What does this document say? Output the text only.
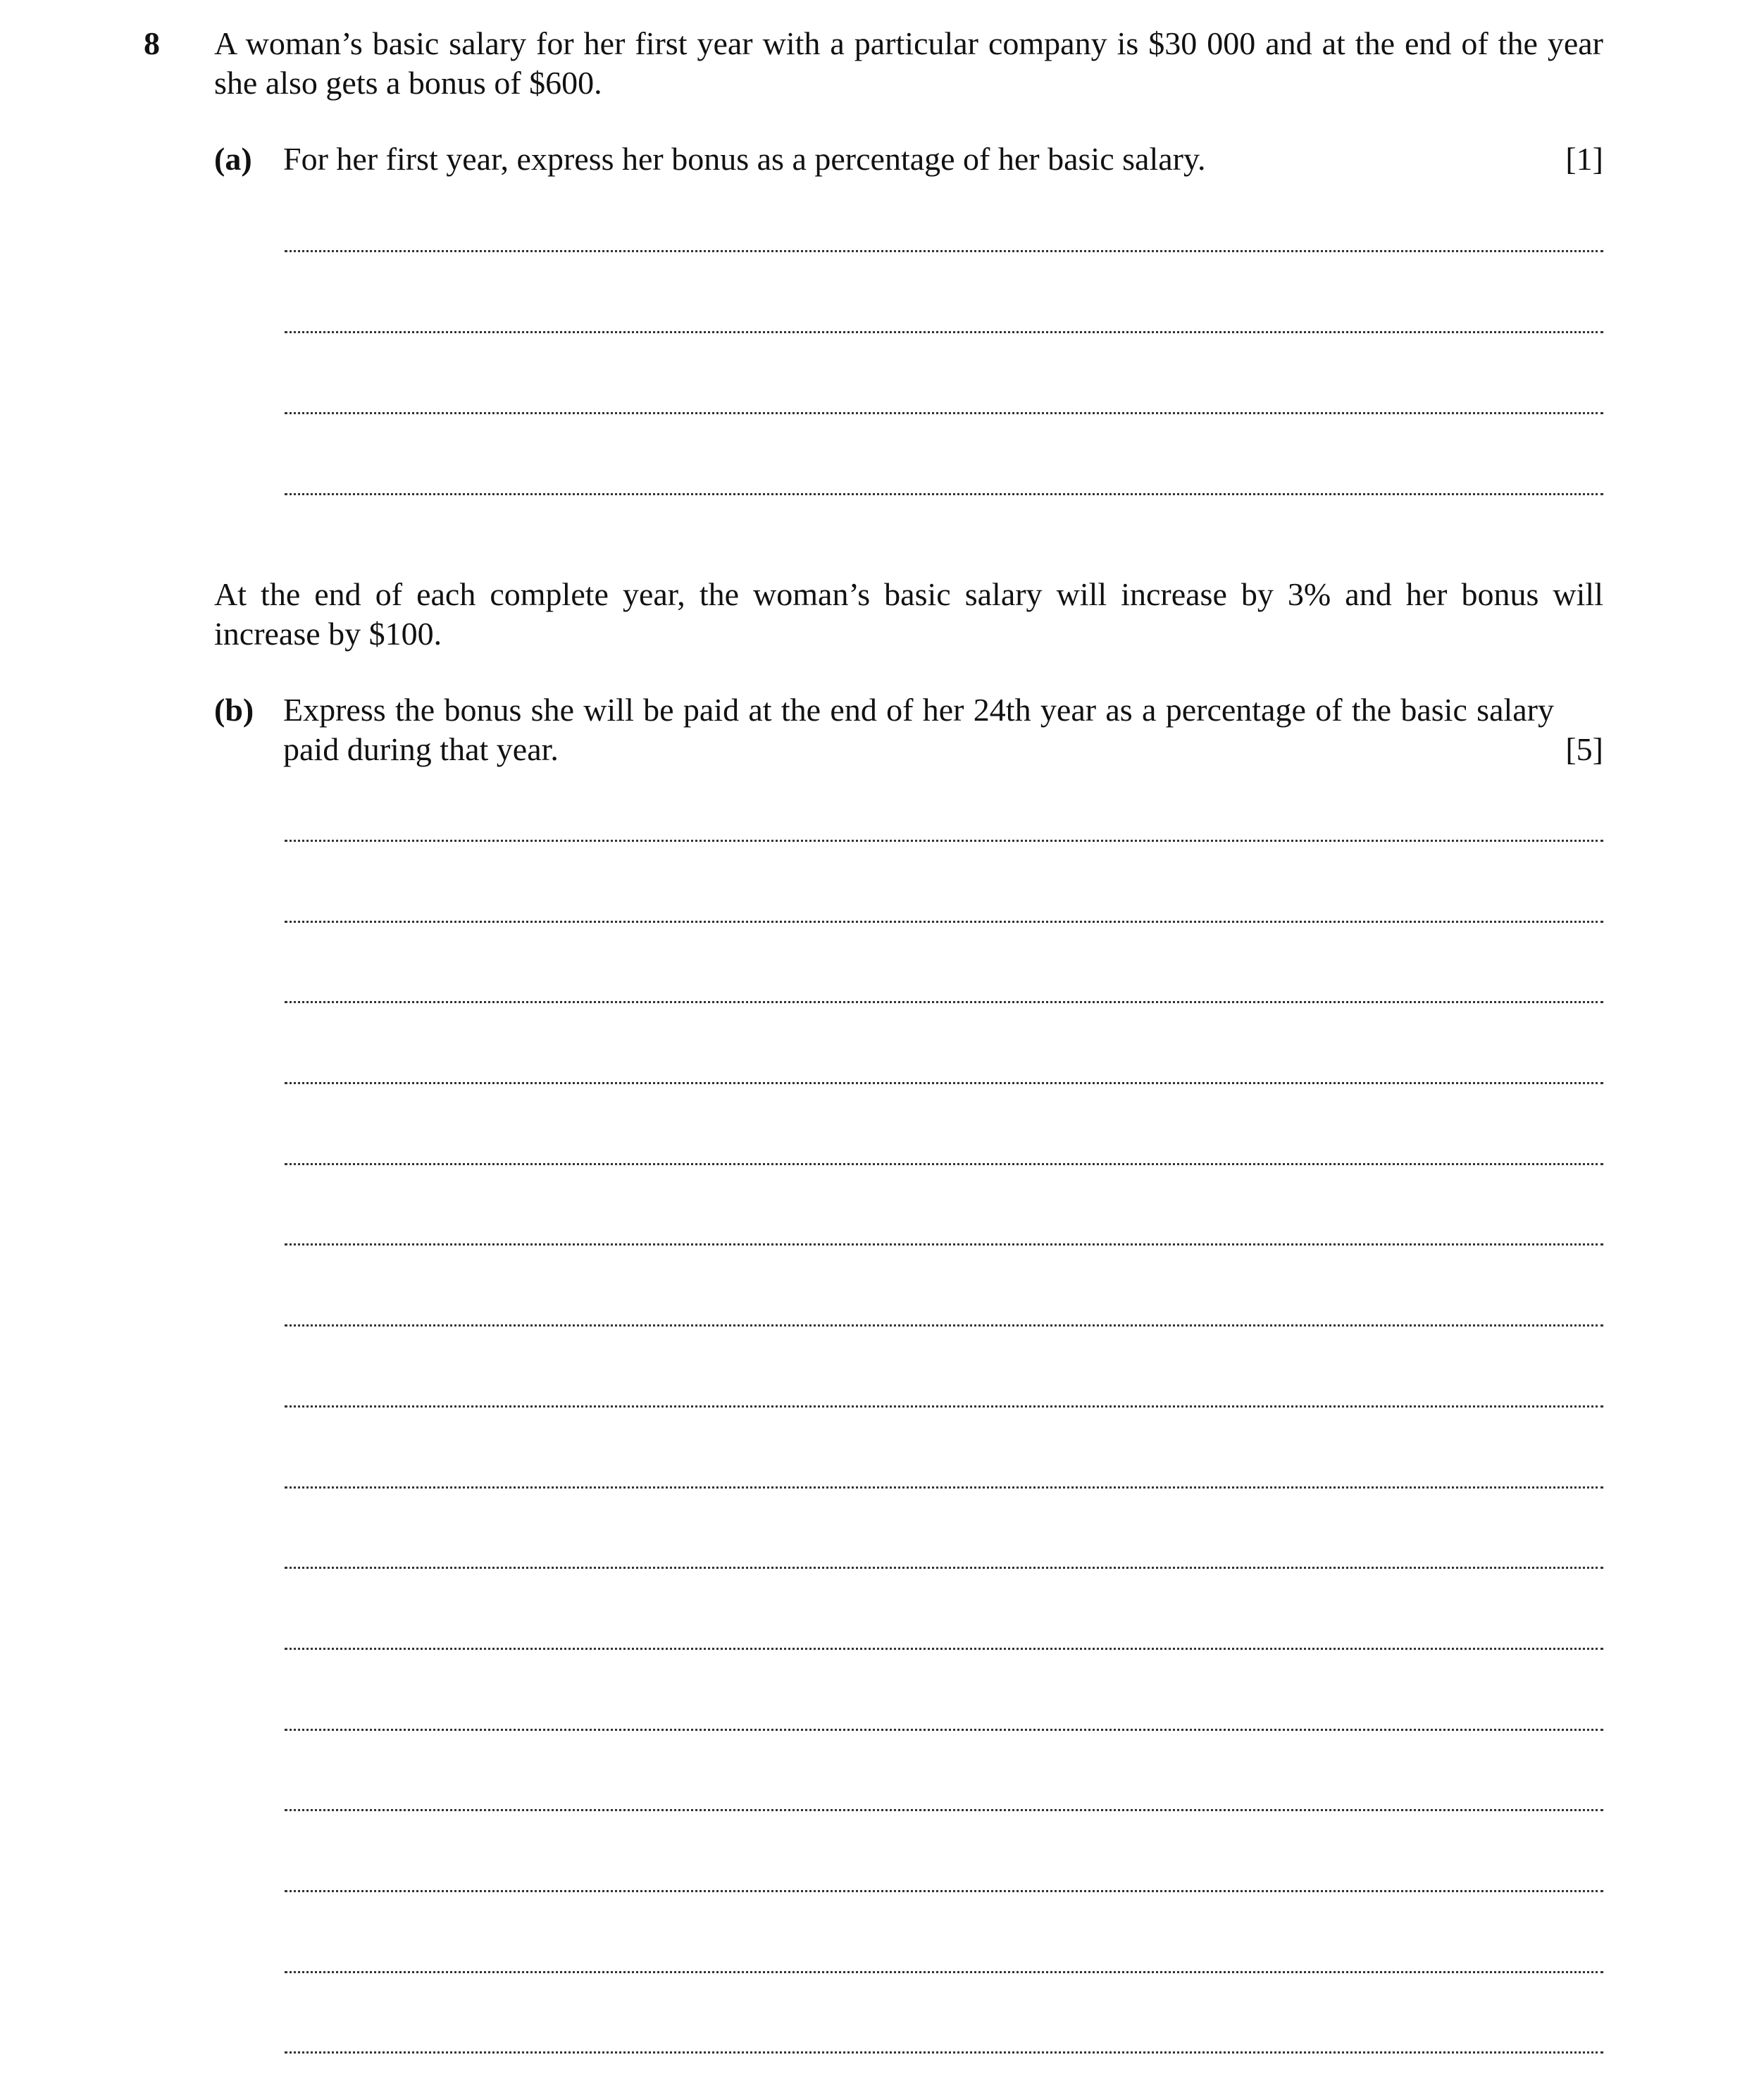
8 A woman’s basic salary for her first year with a particular company is $30 000 and at the end of the year she also gets a bonus of $600.
(a) For her first year, express her bonus as a percentage of her basic salary.	[1]
At the end of each complete year, the woman’s basic salary will increase by 3% and her bonus will increase by $100.
(b) Express the bonus she will be paid at the end of her 24th year as a percentage of the basic salary paid during that year.	[5]
